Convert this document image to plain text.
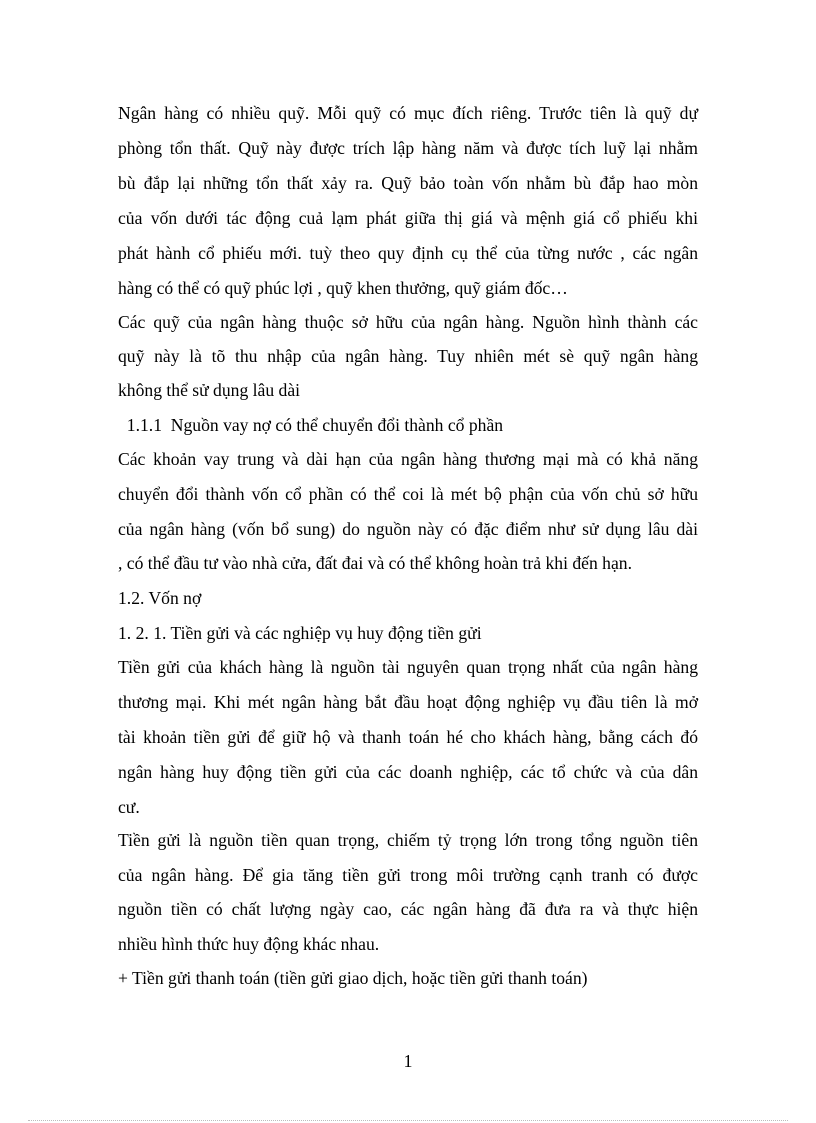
Ngân hàng có nhiều quỹ. Mỗi quỹ có mục đích riêng. Trước tiên là quỹ dự
phòng tổn thất. Quỹ này được trích lập hàng năm và được tích luỹ lại nhằm
bù đắp lại những tổn thất xảy ra. Quỹ bảo toàn vốn nhằm bù đắp hao mòn
của vốn dưới tác động cuả lạm phát giữa thị giá và mệnh giá cổ phiếu khi
phát hành cổ phiếu mới. tuỳ theo quy định cụ thể của từng nước , các ngân
hàng có thể có quỹ phúc lợi , quỹ khen thưởng, quỹ giám đốc…
Các quỹ của ngân hàng thuộc sở hữu của ngân hàng. Nguồn hình thành các
quỹ này là tõ thu nhập của ngân hàng. Tuy nhiên mét sè quỹ ngân hàng
không thể sử dụng lâu dài
1.1.1  Nguồn vay nợ có thể chuyển đổi thành cổ phần
Các khoản vay trung và dài hạn của ngân hàng thương mại mà có khả năng
chuyển đổi thành vốn cổ phần có thể coi là mét bộ phận của vốn chủ sở hữu
của ngân hàng (vốn bổ sung) do nguồn này có đặc điểm như sử dụng lâu dài
, có thể đầu tư vào nhà cửa, đất đai và có thể không hoàn trả khi đến hạn.
1.2. Vốn nợ
1. 2. 1. Tiền gửi và các nghiệp vụ huy động tiền gửi
Tiền gửi của khách hàng là nguồn tài nguyên quan trọng nhất của ngân hàng
thương mại. Khi mét ngân hàng bắt đầu hoạt động nghiệp vụ đầu tiên là mở
tài khoản tiền gửi để giữ hộ và thanh toán hé cho khách hàng, bằng cách đó
ngân hàng huy động tiền gửi của các doanh nghiệp, các tổ chức và của dân
cư.
Tiền gửi là nguồn tiền quan trọng, chiếm tỷ trọng lớn trong tổng nguồn tiên
của ngân hàng. Để gia tăng tiền gửi trong môi trường cạnh tranh có được
nguồn tiền có chất lượng ngày cao, các ngân hàng đã đưa ra và thực hiện
nhiều hình thức huy động khác nhau.
+ Tiền gửi thanh toán (tiền gửi giao dịch, hoặc tiền gửi thanh toán)
1
